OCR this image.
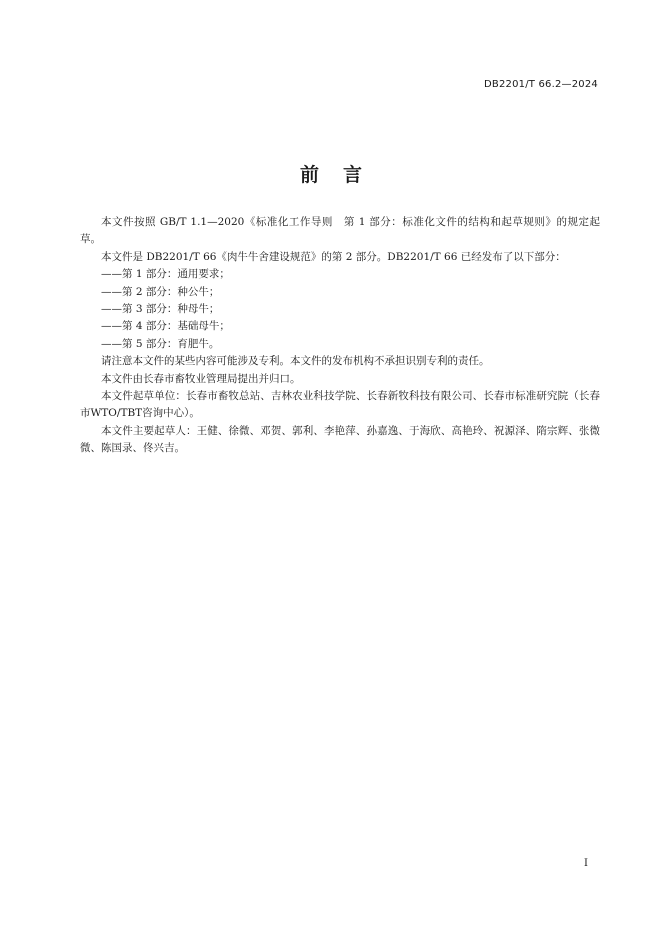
DB2201/T 66.2—2024
前言

本文件按照 GB/T 1.1—2020《标准化工作导则　第 1 部分：标准化文件的结构和起草规则》的规定起草。

本文件是 DB2201/T 66《肉牛牛舍建设规范》的第 2 部分。DB2201/T 66 已经发布了以下部分：

——第 1 部分：通用要求；

——第 2 部分：种公牛；

——第 3 部分：种母牛；

——第 4 部分：基础母牛；

——第 5 部分：育肥牛。

请注意本文件的某些内容可能涉及专利。本文件的发布机构不承担识别专利的责任。

本文件由长春市畜牧业管理局提出并归口。

本文件起草单位：长春市畜牧总站、吉林农业科技学院、长春新牧科技有限公司、长春市标准研究院（长春市WTO/TBT咨询中心）。

本文件主要起草人：王健、徐微、邓贺、郭利、李艳萍、孙嘉逸、于海欣、高艳玲、祝源泽、隋宗辉、张微微、陈国录、佟兴吉。

I
